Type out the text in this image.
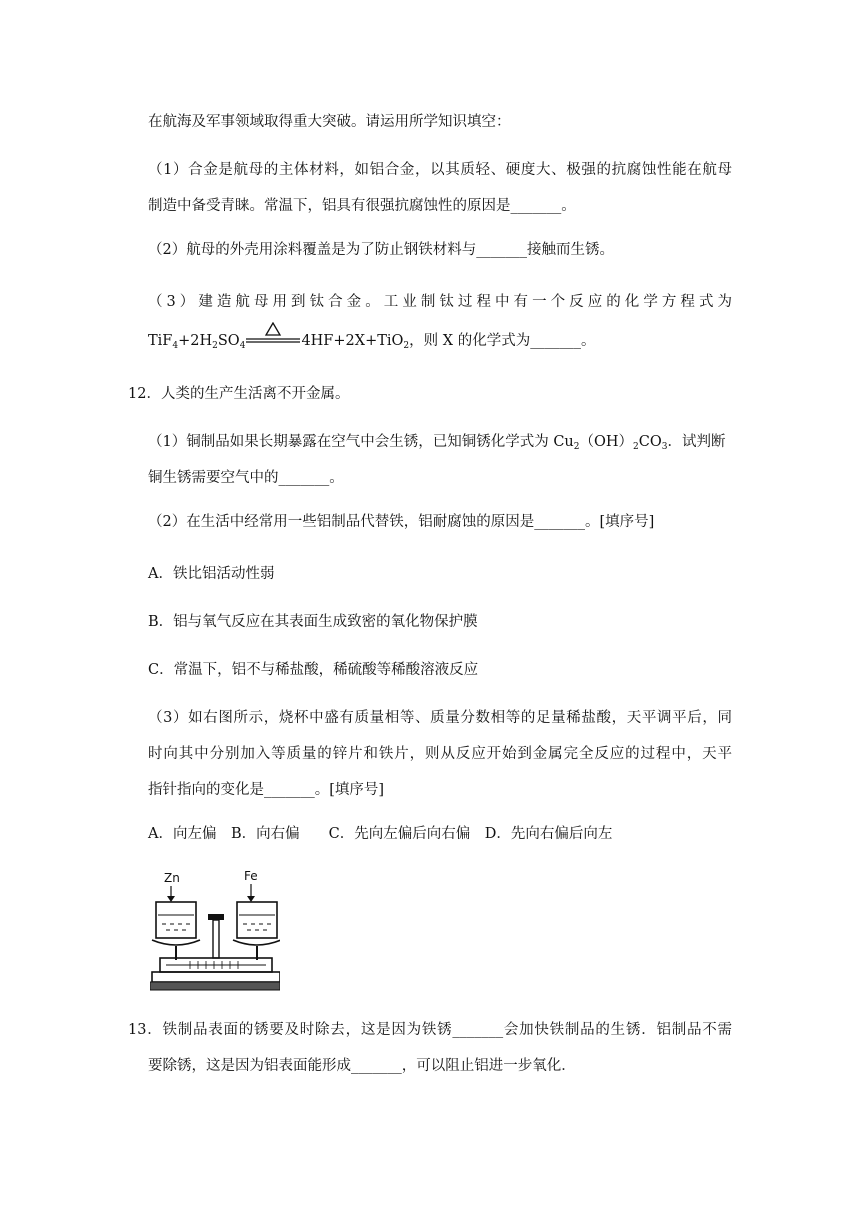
在航海及军事领域取得重大突破。请运用所学知识填空：
（1）合金是航母的主体材料，如铝合金，以其质轻、硬度大、极强的抗腐蚀性能在航母
制造中备受青睐。常温下，铝具有很强抗腐蚀性的原因是_______。
（2）航母的外壳用涂料覆盖是为了防止钢铁材料与_______接触而生锈。
（3）建造航母用到钛合金。工业制钛过程中有一个反应的化学方程式为
$TiF_4+2H_2SO_4$	4HF+2X+TiO$_2$，则 X 的化学式为_______。
12．人类的生产生活离不开金属。
（1）铜制品如果长期暴露在空气中会生锈，已知铜锈化学式为 $Cu_2(OH)_2CO_3$．试判断
铜生锈需要空气中的_______。
（2）在生活中经常用一些铝制品代替铁，铝耐腐蚀的原因是_______。[填序号]
A．铁比铝活动性弱
B．铝与氧气反应在其表面生成致密的氧化物保护膜
C．常温下，铝不与稀盐酸，稀硫酸等稀酸溶液反应
（3）如右图所示，烧杯中盛有质量相等、质量分数相等的足量稀盐酸，天平调平后，同
时向其中分别加入等质量的锌片和铁片，则从反应开始到金属完全反应的过程中，天平
指针指向的变化是_______。[填序号]
A．向左偏　B．向右偏　　C．先向左偏后向右偏　D．先向右偏后向左
Zn	Fe
13．铁制品表面的锈要及时除去，这是因为铁锈_______会加快铁制品的生锈．铝制品不需
要除锈，这是因为铝表面能形成_______，可以阻止铝进一步氧化．
